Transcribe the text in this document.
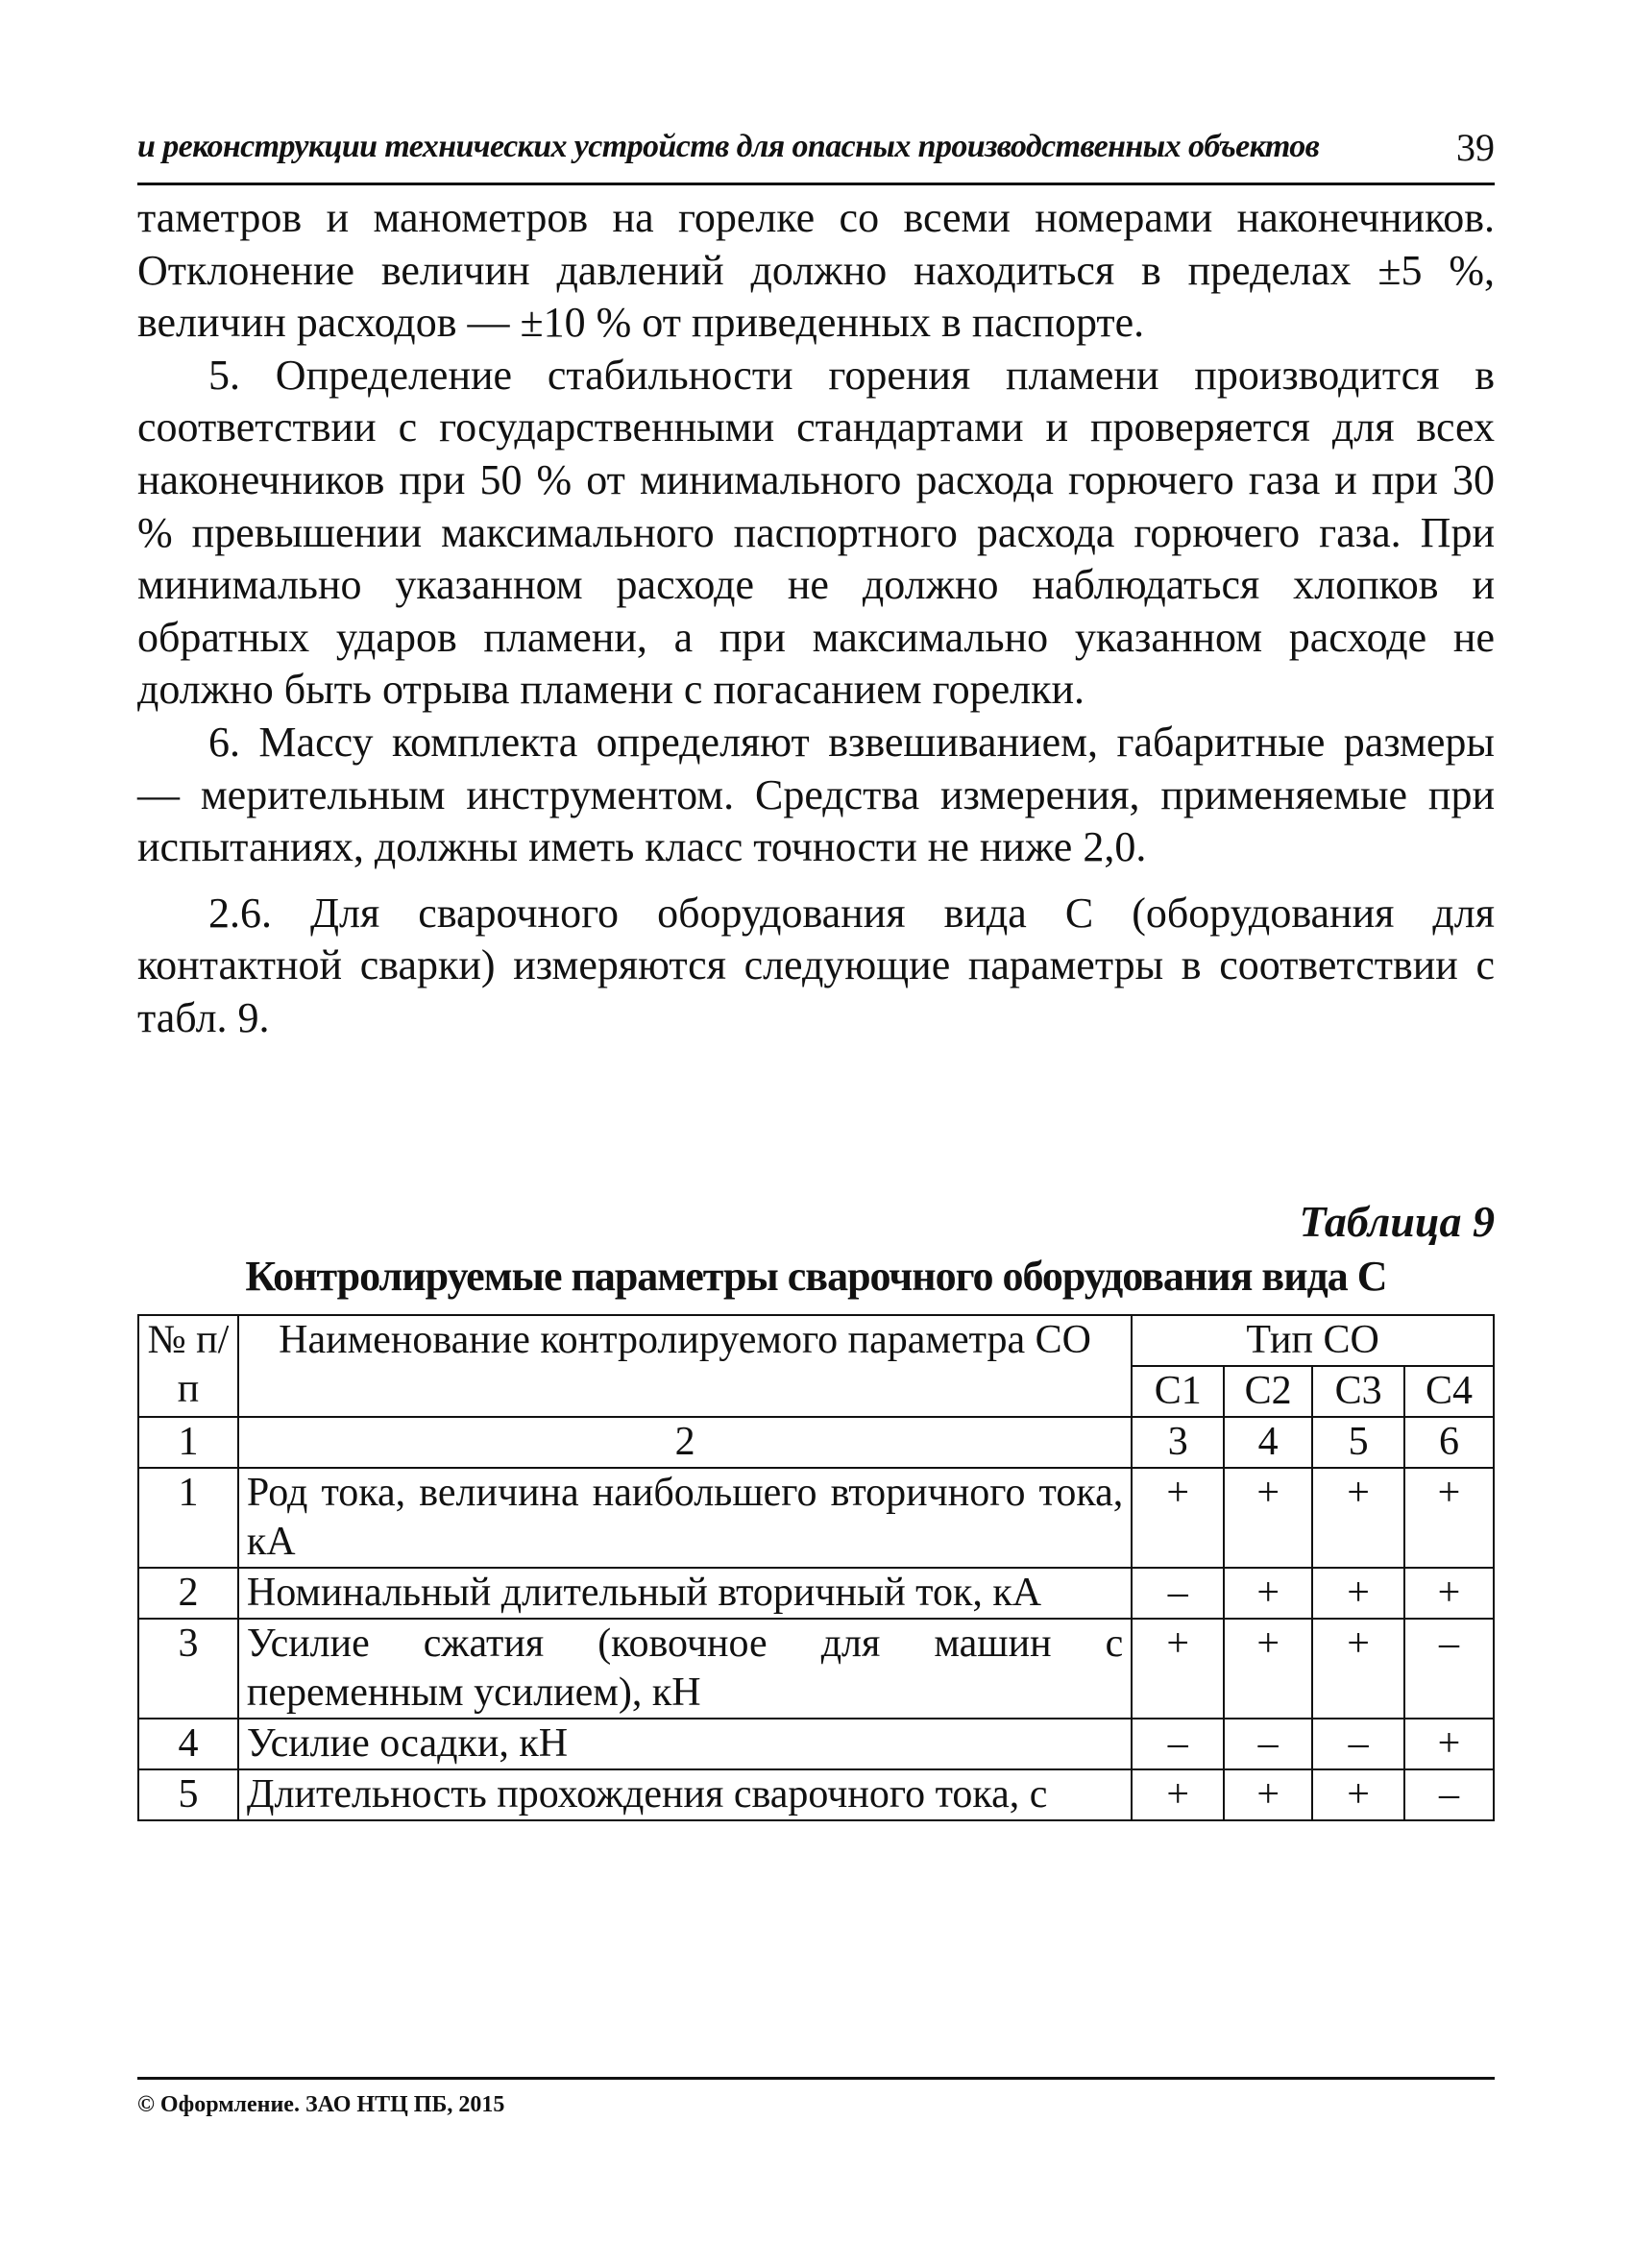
и реконструкции технических устройств для опасных производственных объектов	39

таметров и манометров на горелке со всеми номерами наконечников. Отклонение величин давлений должно находиться в пределах ±5 %, величин расходов — ±10 % от приведенных в паспорте.

5. Определение стабильности горения пламени производится в соответствии с государственными стандартами и проверяется для всех наконечников при 50 % от минимального расхода горючего газа и при 30 % превышении максимального паспортного расхода горючего газа. При минимально указанном расходе не должно наблюдаться хлопков и обратных ударов пламени, а при максимально указанном расходе не должно быть отрыва пламени с погасанием горелки.

6. Массу комплекта определяют взвешиванием, габаритные размеры — мерительным инструментом. Средства измерения, применяемые при испытаниях, должны иметь класс точности не ниже 2,0.

2.6. Для сварочного оборудования вида С (оборудования для контактной сварки) измеряются следующие параметры в соответствии с табл. 9.

Таблица 9
Контролируемые параметры сварочного оборудования вида С
№ п/п	Наименование контролируемого параметра СО	Тип СО			
		С1	С2	С3	С4
1	2	3	4	5	6
1	Род тока, величина наибольшего вторичного тока, кА	+	+	+	+
2	Номинальный длительный вторичный ток, кА	–	+	+	+
3	Усилие сжатия (ковочное для машин с переменным усилием), кН	+	+	+	–
4	Усилие осадки, кН	–	–	–	+
5	Длительность прохождения сварочного тока, с	+	+	+	–
© Оформление. ЗАО НТЦ ПБ, 2015
